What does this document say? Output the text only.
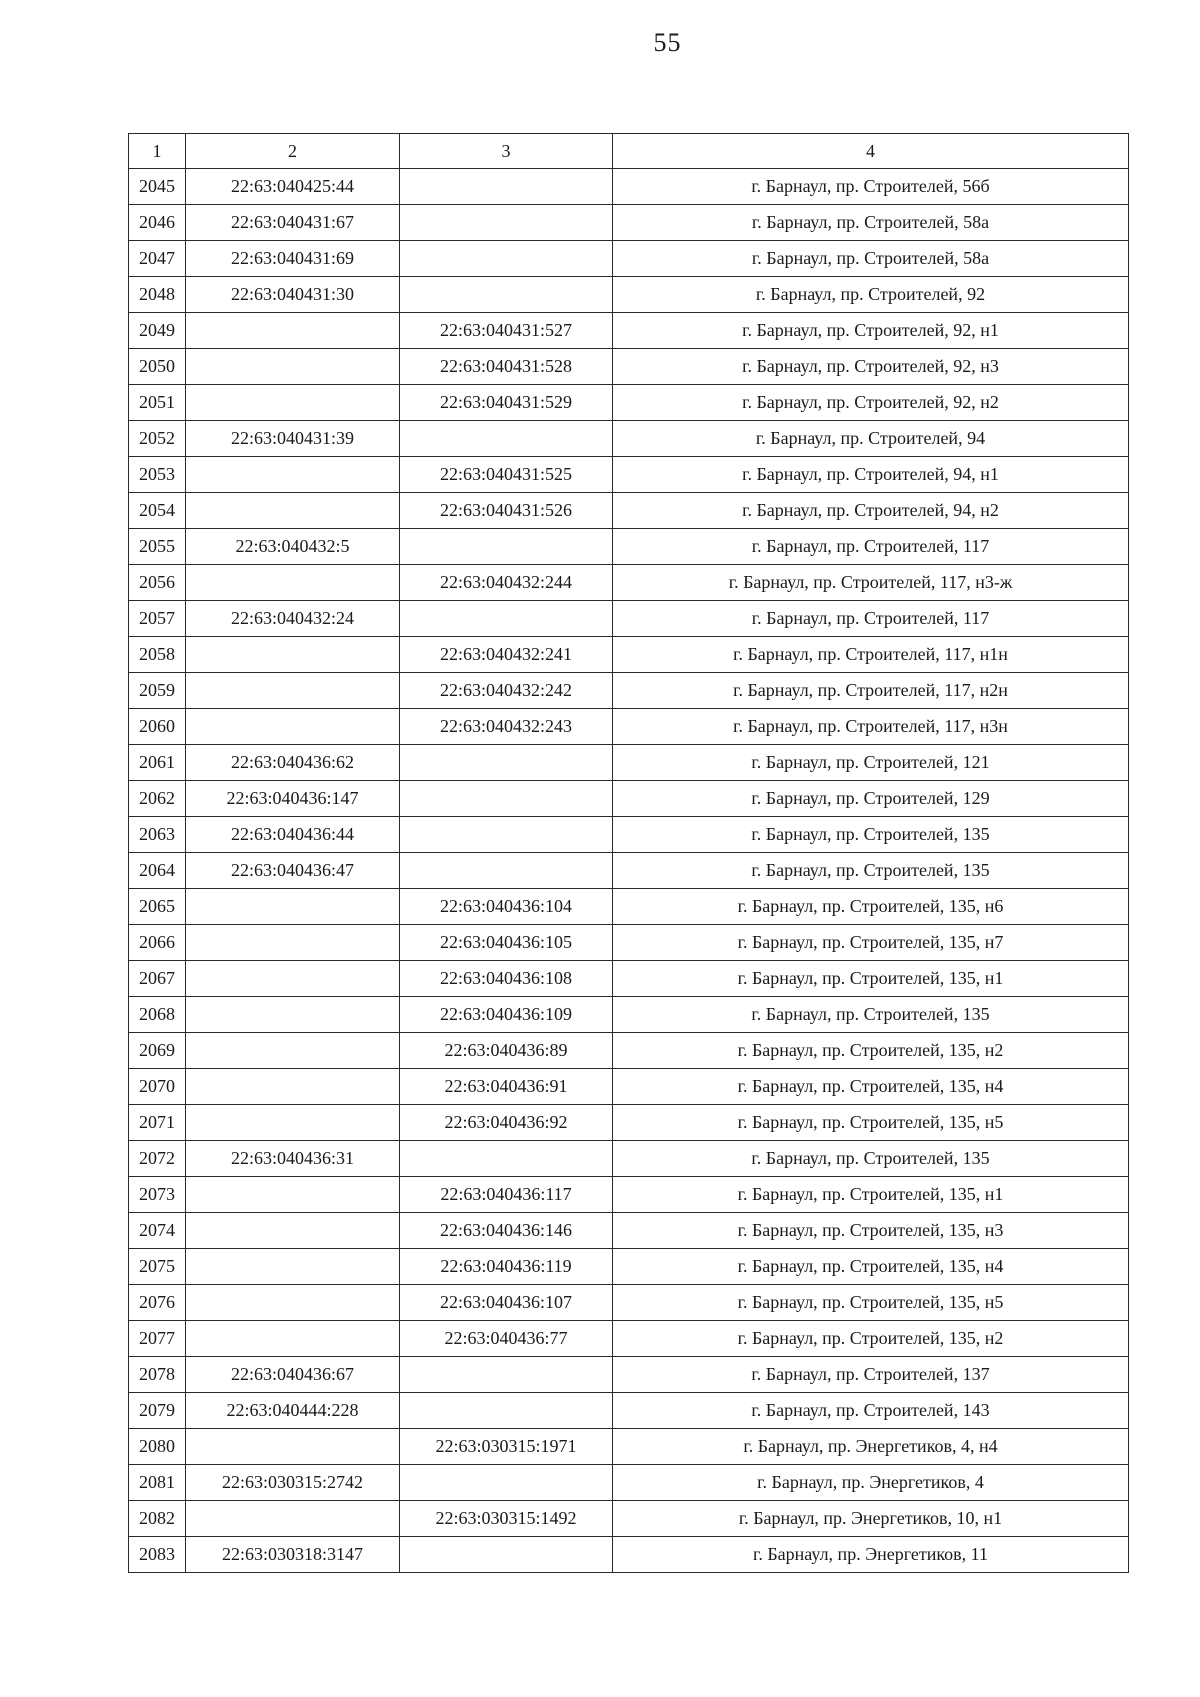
55
1	2	3	4
2045	22:63:040425:44		г. Барнаул, пр. Строителей, 56б
2046	22:63:040431:67		г. Барнаул, пр. Строителей, 58а
2047	22:63:040431:69		г. Барнаул, пр. Строителей, 58а
2048	22:63:040431:30		г. Барнаул, пр. Строителей, 92
2049		22:63:040431:527	г. Барнаул, пр. Строителей, 92, н1
2050		22:63:040431:528	г. Барнаул, пр. Строителей, 92, н3
2051		22:63:040431:529	г. Барнаул, пр. Строителей, 92, н2
2052	22:63:040431:39		г. Барнаул, пр. Строителей, 94
2053		22:63:040431:525	г. Барнаул, пр. Строителей, 94, н1
2054		22:63:040431:526	г. Барнаул, пр. Строителей, 94, н2
2055	22:63:040432:5		г. Барнаул, пр. Строителей, 117
2056		22:63:040432:244	г. Барнаул, пр. Строителей, 117, н3-ж
2057	22:63:040432:24		г. Барнаул, пр. Строителей, 117
2058		22:63:040432:241	г. Барнаул, пр. Строителей, 117, н1н
2059		22:63:040432:242	г. Барнаул, пр. Строителей, 117, н2н
2060		22:63:040432:243	г. Барнаул, пр. Строителей, 117, н3н
2061	22:63:040436:62		г. Барнаул, пр. Строителей, 121
2062	22:63:040436:147		г. Барнаул, пр. Строителей, 129
2063	22:63:040436:44		г. Барнаул, пр. Строителей, 135
2064	22:63:040436:47		г. Барнаул, пр. Строителей, 135
2065		22:63:040436:104	г. Барнаул, пр. Строителей, 135, н6
2066		22:63:040436:105	г. Барнаул, пр. Строителей, 135, н7
2067		22:63:040436:108	г. Барнаул, пр. Строителей, 135, н1
2068		22:63:040436:109	г. Барнаул, пр. Строителей, 135
2069		22:63:040436:89	г. Барнаул, пр. Строителей, 135, н2
2070		22:63:040436:91	г. Барнаул, пр. Строителей, 135, н4
2071		22:63:040436:92	г. Барнаул, пр. Строителей, 135, н5
2072	22:63:040436:31		г. Барнаул, пр. Строителей, 135
2073		22:63:040436:117	г. Барнаул, пр. Строителей, 135, н1
2074		22:63:040436:146	г. Барнаул, пр. Строителей, 135, н3
2075		22:63:040436:119	г. Барнаул, пр. Строителей, 135, н4
2076		22:63:040436:107	г. Барнаул, пр. Строителей, 135, н5
2077		22:63:040436:77	г. Барнаул, пр. Строителей, 135, н2
2078	22:63:040436:67		г. Барнаул, пр. Строителей, 137
2079	22:63:040444:228		г. Барнаул, пр. Строителей, 143
2080		22:63:030315:1971	г. Барнаул, пр. Энергетиков, 4, н4
2081	22:63:030315:2742		г. Барнаул, пр. Энергетиков, 4
2082		22:63:030315:1492	г. Барнаул, пр. Энергетиков, 10, н1
2083	22:63:030318:3147		г. Барнаул, пр. Энергетиков, 11
